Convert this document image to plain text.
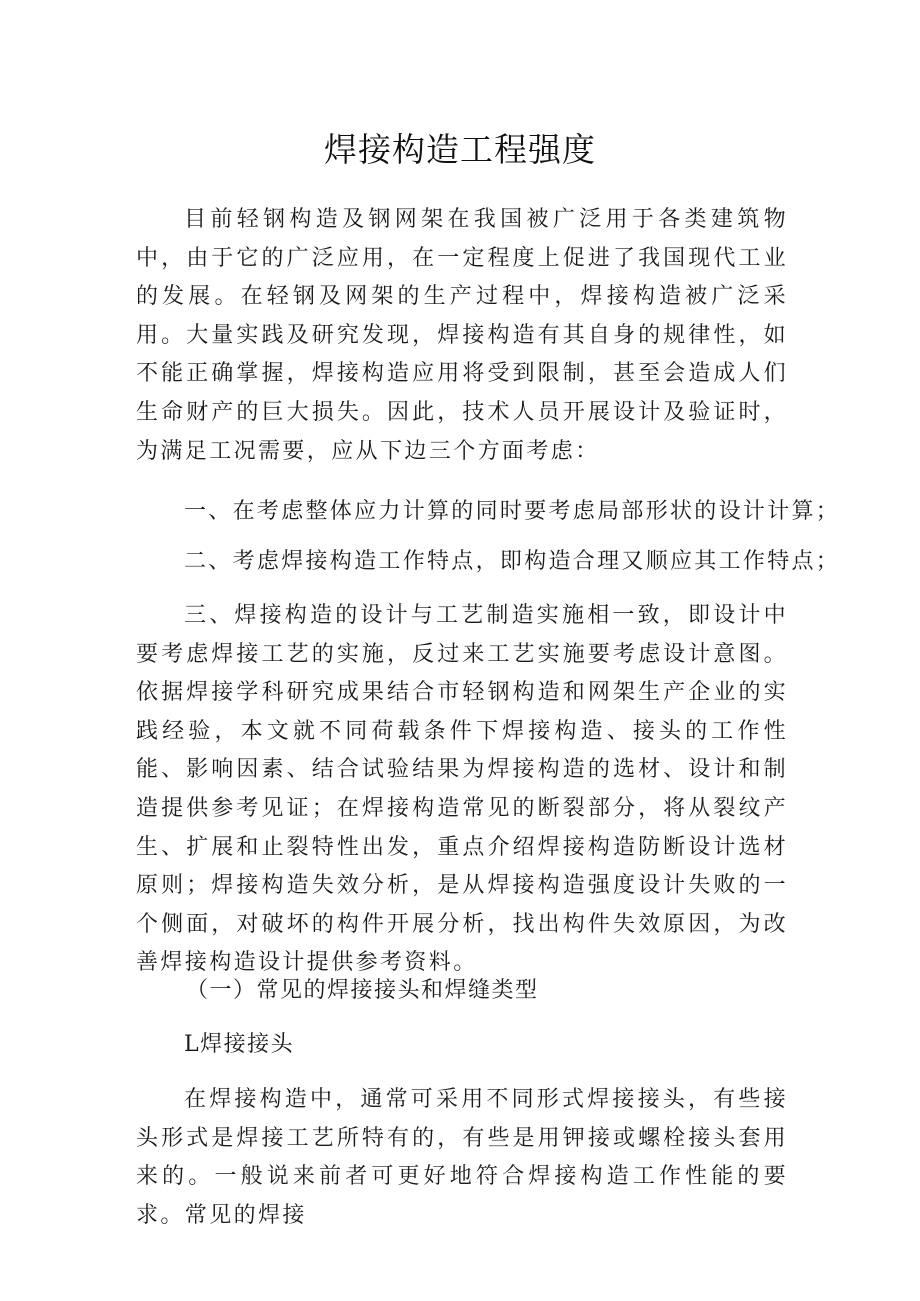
焊接构造工程强度
目前轻钢构造及钢网架在我国被广泛用于各类建筑物中，由于它的广泛应用，在一定程度上促进了我国现代工业的发展。在轻钢及网架的生产过程中，焊接构造被广泛采用。大量实践及研究发现，焊接构造有其自身的规律性，如不能正确掌握，焊接构造应用将受到限制，甚至会造成人们生命财产的巨大损失。因此，技术人员开展设计及验证时，为满足工况需要，应从下边三个方面考虑：
一、在考虑整体应力计算的同时要考虑局部形状的设计计算；
二、考虑焊接构造工作特点，即构造合理又顺应其工作特点；
三、焊接构造的设计与工艺制造实施相一致，即设计中要考虑焊接工艺的实施，反过来工艺实施要考虑设计意图。依据焊接学科研究成果结合市轻钢构造和网架生产企业的实践经验，本文就不同荷载条件下焊接构造、接头的工作性能、影响因素、结合试验结果为焊接构造的选材、设计和制造提供参考见证；在焊接构造常见的断裂部分，将从裂纹产生、扩展和止裂特性出发，重点介绍焊接构造防断设计选材原则；焊接构造失效分析，是从焊接构造强度设计失败的一个侧面，对破坏的构件开展分析，找出构件失效原因，为改善焊接构造设计提供参考资料。
（一）常见的焊接接头和焊缝类型
L焊接接头
在焊接构造中，通常可采用不同形式焊接接头，有些接头形式是焊接工艺所特有的，有些是用钾接或螺栓接头套用来的。一般说来前者可更好地符合焊接构造工作性能的要求。常见的焊接
